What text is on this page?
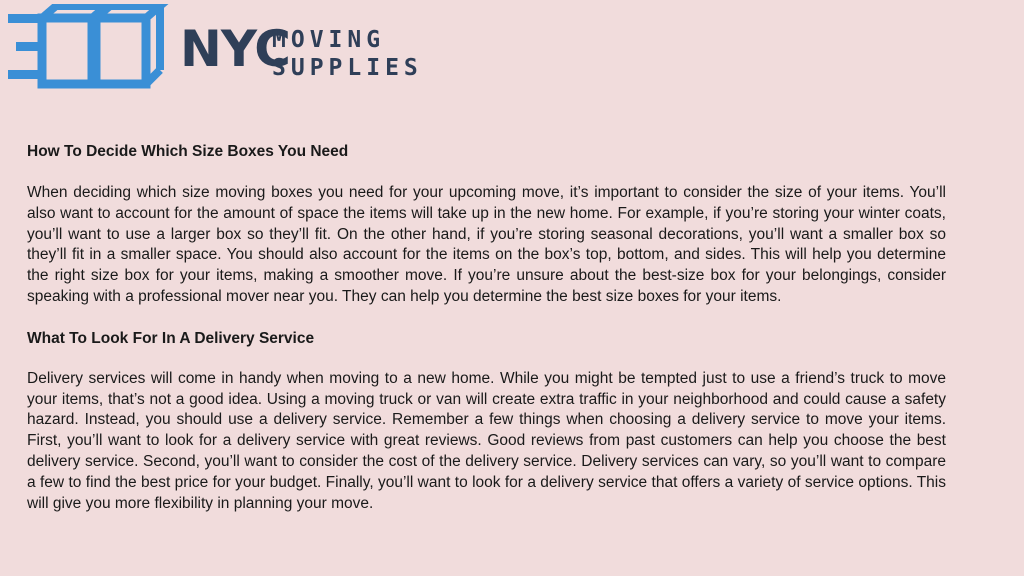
NYC
MOVING
SUPPLIES
How To Decide Which Size Boxes You Need

When deciding which size moving boxes you need for your upcoming move, it’s important to consider the size of your items. You’ll also want to account for the amount of space the items will take up in the new home. For example, if you’re storing your winter coats, you’ll want to use a larger box so they’ll fit. On the other hand, if you’re storing seasonal decorations, you’ll want a smaller box so they’ll fit in a smaller space. You should also account for the items on the box’s top, bottom, and sides. This will help you determine the right size box for your items, making a smoother move. If you’re unsure about the best-size box for your belongings, consider speaking with a professional mover near you. They can help you determine the best size boxes for your items.

What To Look For In A Delivery Service

Delivery services will come in handy when moving to a new home. While you might be tempted just to use a friend’s truck to move your items, that’s not a good idea. Using a moving truck or van will create extra traffic in your neighborhood and could cause a safety hazard. Instead, you should use a delivery service. Remember a few things when choosing a delivery service to move your items. First, you’ll want to look for a delivery service with great reviews. Good reviews from past customers can help you choose the best delivery service. Second, you’ll want to consider the cost of the delivery service. Delivery services can vary, so you’ll want to compare a few to find the best price for your budget. Finally, you’ll want to look for a delivery service that offers a variety of service options. This will give you more flexibility in planning your move.
